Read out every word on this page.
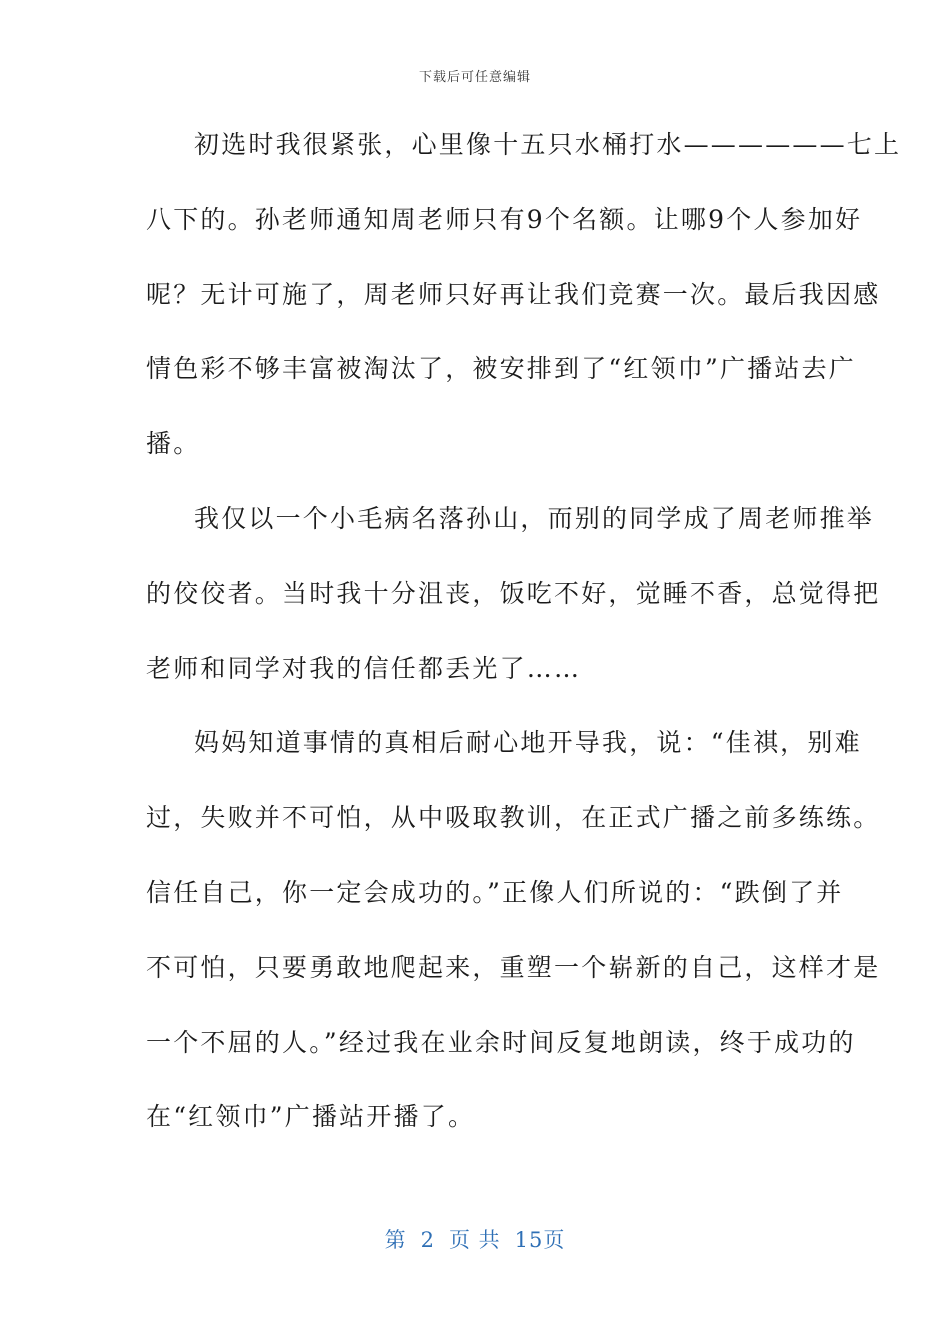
下载后可任意编辑
初选时我很紧张，心里像十五只水桶打水——————七上
八下的。孙老师通知周老师只有9个名额。让哪9个人参加好
呢？无计可施了，周老师只好再让我们竞赛一次。最后我因感
情色彩不够丰富被淘汰了，被安排到了“红领巾”广播站去广
播。
我仅以一个小毛病名落孙山，而别的同学成了周老师推举
的佼佼者。当时我十分沮丧，饭吃不好，觉睡不香，总觉得把
老师和同学对我的信任都丢光了……
妈妈知道事情的真相后耐心地开导我，说：“佳祺，别难
过，失败并不可怕，从中吸取教训，在正式广播之前多练练。
信任自己，你一定会成功的。”正像人们所说的：“跌倒了并
不可怕，只要勇敢地爬起来，重塑一个崭新的自己，这样才是
一个不屈的人。”经过我在业余时间反复地朗读，终于成功的
在“红领巾”广播站开播了。
第 2 页 共 15页
